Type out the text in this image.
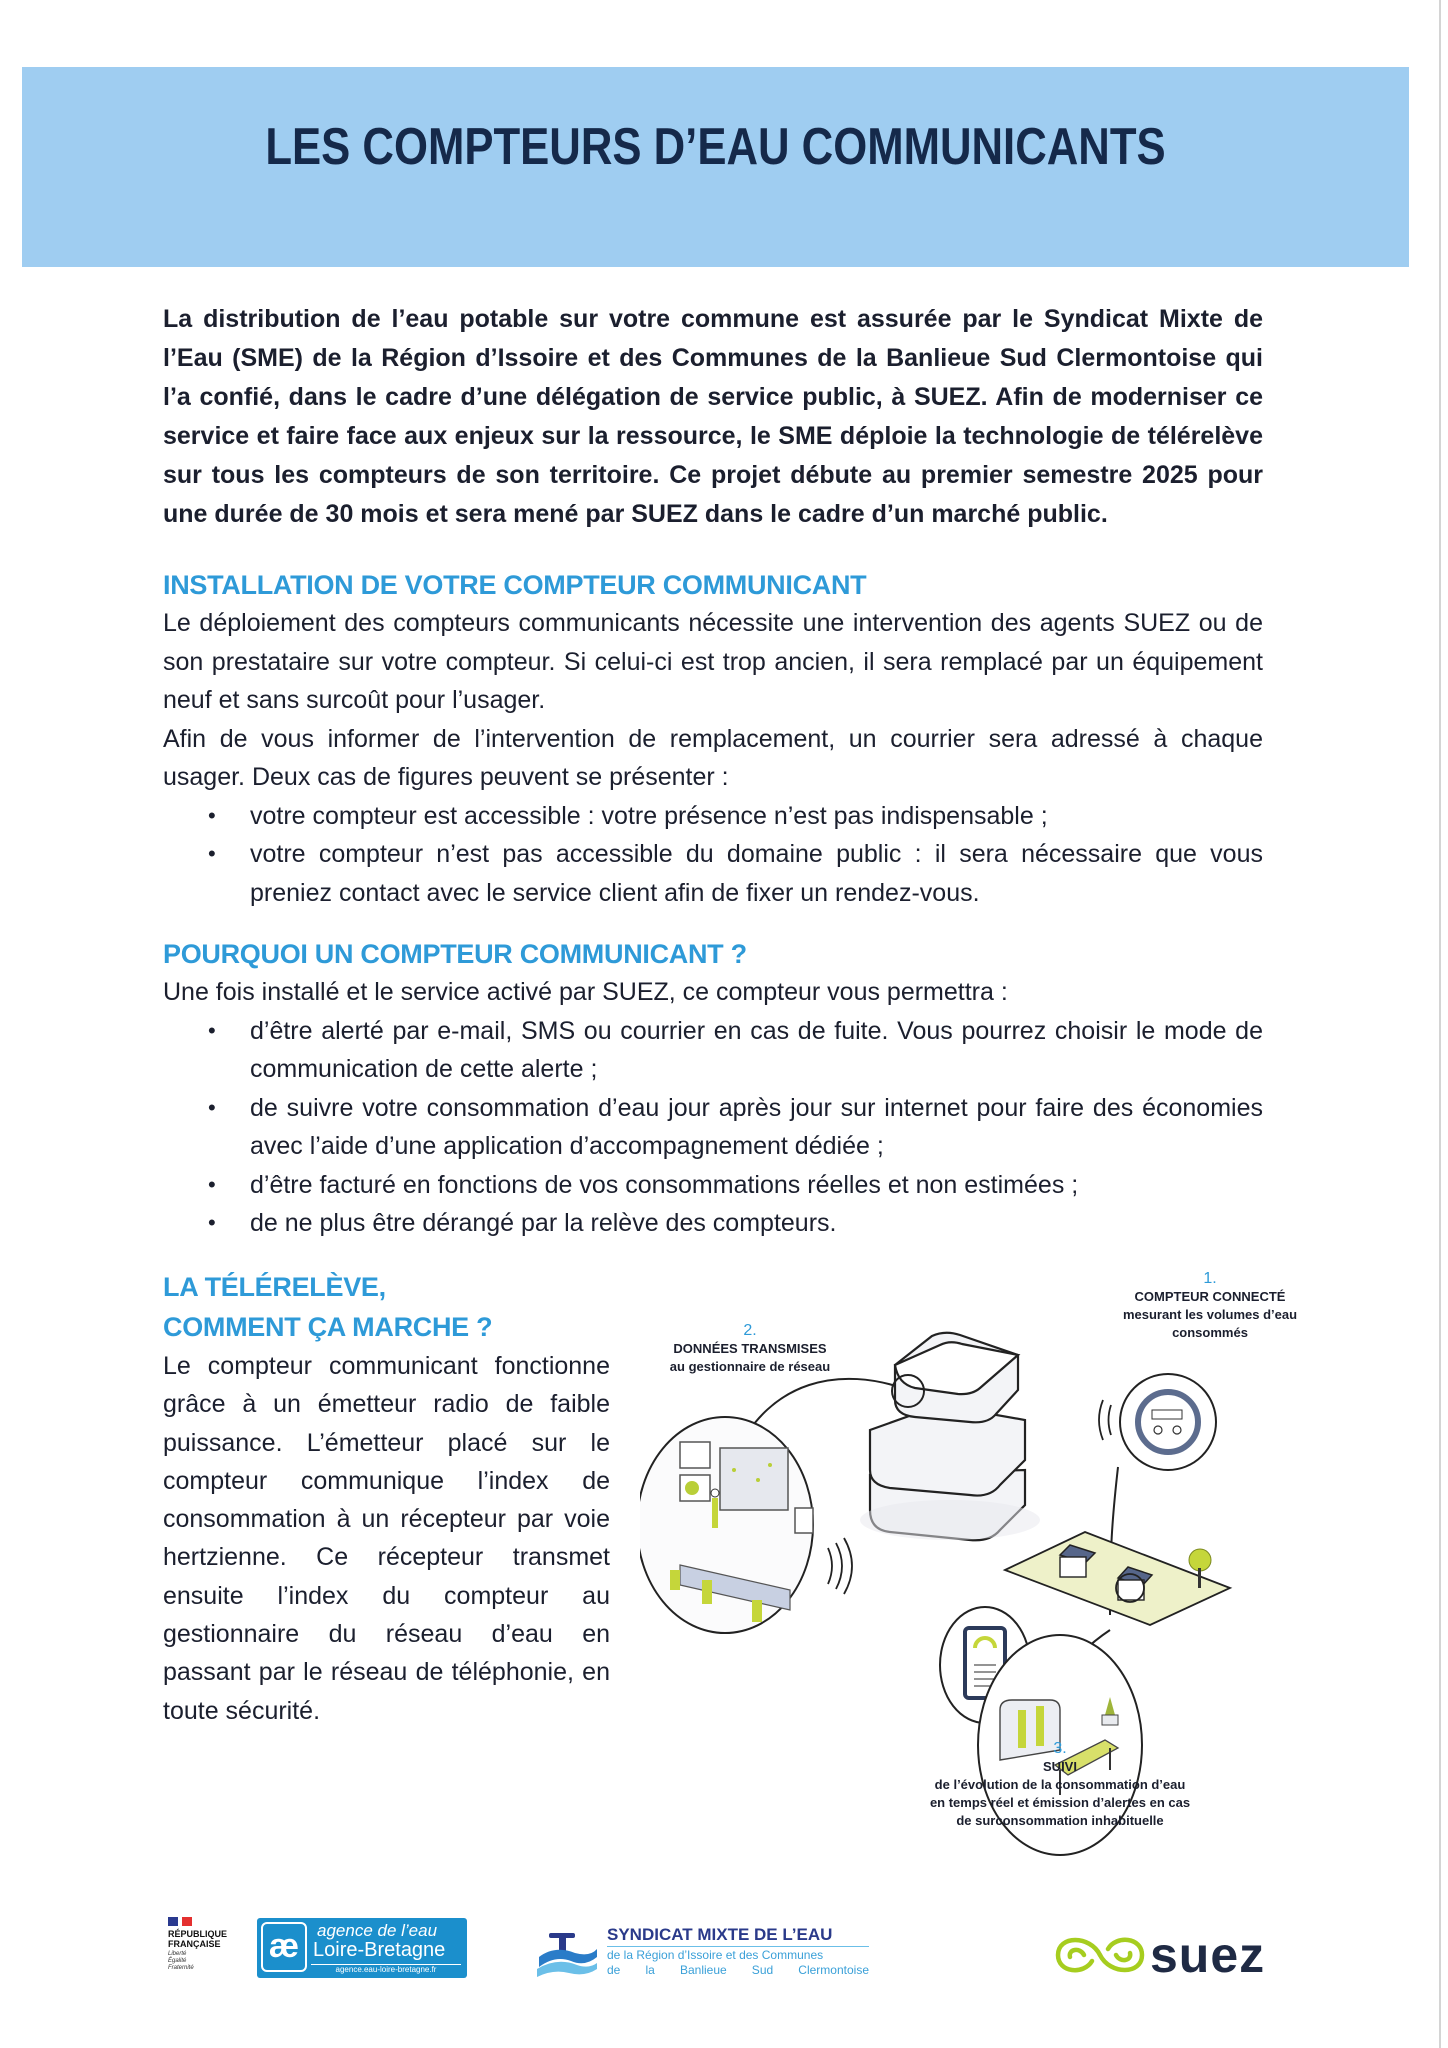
LES COMPTEURS D’EAU COMMUNICANTS

La distribution de l’eau potable sur votre commune est assurée par le Syndicat Mixte de l’Eau (SME) de la Région d’Issoire et des Communes de la Banlieue Sud Clermontoise qui l’a confié, dans le cadre d’une délégation de service public, à SUEZ. Afin de moderniser ce service et faire face aux enjeux sur la ressource, le SME déploie la technologie de télérelève sur tous les compteurs de son territoire. Ce projet débute au premier semestre 2025 pour une durée de 30 mois et sera mené par SUEZ dans le cadre d’un marché public.

INSTALLATION DE VOTRE COMPTEUR COMMUNICANT

Le déploiement des compteurs communicants nécessite une intervention des agents SUEZ ou de son prestataire sur votre compteur. Si celui-ci est trop ancien, il sera remplacé par un équipement neuf et sans surcoût pour l’usager.

Afin de vous informer de l’intervention de remplacement, un courrier sera adressé à chaque usager. Deux cas de figures peuvent se présenter :

• votre compteur est accessible : votre présence n’est pas indispensable ;
• votre compteur n’est pas accessible du domaine public : il sera nécessaire que vous preniez contact avec le service client afin de fixer un rendez-vous.
POURQUOI UN COMPTEUR COMMUNICANT ?

Une fois installé et le service activé par SUEZ, ce compteur vous permettra :

• d’être alerté par e-mail, SMS ou courrier en cas de fuite. Vous pourrez choisir le mode de communication de cette alerte ;
• de suivre votre consommation d’eau jour après jour sur internet pour faire des économies avec l’aide d’une application d’accompagnement dédiée ;
• d’être facturé en fonctions de vos consommations réelles et non estimées ;
• de ne plus être dérangé par la relève des compteurs.
LA TÉLÉRELÈVE,
COMMENT ÇA MARCHE ?

Le compteur communicant fonctionne grâce à un émetteur radio de faible puissance. L’émetteur placé sur le compteur communique l’index de consommation à un récepteur par voie hertzienne. Ce récepteur transmet ensuite l’index du compteur au gestionnaire du réseau d’eau en passant par le réseau de téléphonie, en toute sécurité.

1.
COMPTEUR CONNECTÉ
mesurant les volumes d’eau consommés
2.
DONNÉES TRANSMISES
au gestionnaire de réseau
3.
SUIVI
de l’évolution de la consommation d’eau
en temps réel et émission d’alertes en cas
de surconsommation inhabituelle
RÉPUBLIQUE
FRANÇAISE
Liberté
Égalité
Fraternité
æ	agence de l’eau
Loire-Bretagne
agence.eau-loire-bretagne.fr
SYNDICAT MIXTE DE L’EAU
de la Région d’Issoire et des Communes
de la Banlieue Sud Clermontoise	suez
